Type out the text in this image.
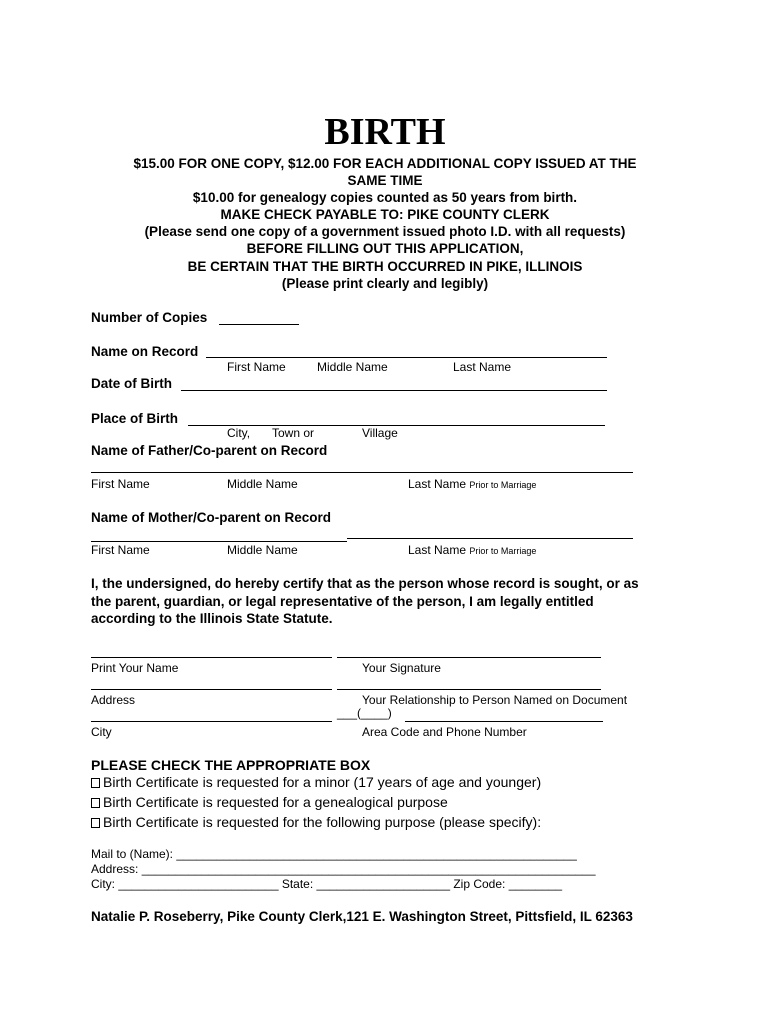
BIRTH
$15.00 FOR ONE COPY, $12.00 FOR EACH ADDITIONAL COPY ISSUED AT THE
SAME TIME
$10.00 for genealogy copies counted as 50 years from birth.
MAKE CHECK PAYABLE TO: PIKE COUNTY CLERK
(Please send one copy of a government issued photo I.D. with all requests)
BEFORE FILLING OUT THIS APPLICATION,
BE CERTAIN THAT THE BIRTH OCCURRED IN PIKE, ILLINOIS
(Please print clearly and legibly)
Number of Copies
Name on Record
First Name	Middle Name	Last Name
Date of Birth
Place of Birth
City, Town or	Village
Name of Father/Co-parent on Record
First Name	Middle Name	Last Name Prior to Marriage
Name of Mother/Co-parent on Record
First Name	Middle Name	Last Name Prior to Marriage
I, the undersigned, do hereby certify that as the person whose record is sought, or as
the parent, guardian, or legal representative of the person, I am legally entitled
according to the Illinois State Statute.
Print Your Name	Your Signature
Address	Your Relationship to Person Named on Document
___(____)
City	Area Code and Phone Number
PLEASE CHECK THE APPROPRIATE BOX
Birth Certificate is requested for a minor (17 years of age and younger)
Birth Certificate is requested for a genealogical purpose
Birth Certificate is requested for the following purpose (please specify):
Mail to (Name): ____________________________________________________________
Address: ____________________________________________________________________
City: ________________________ State: ____________________ Zip Code: ________
Natalie P. Roseberry, Pike County Clerk,121 E. Washington Street, Pittsfield, IL 62363
